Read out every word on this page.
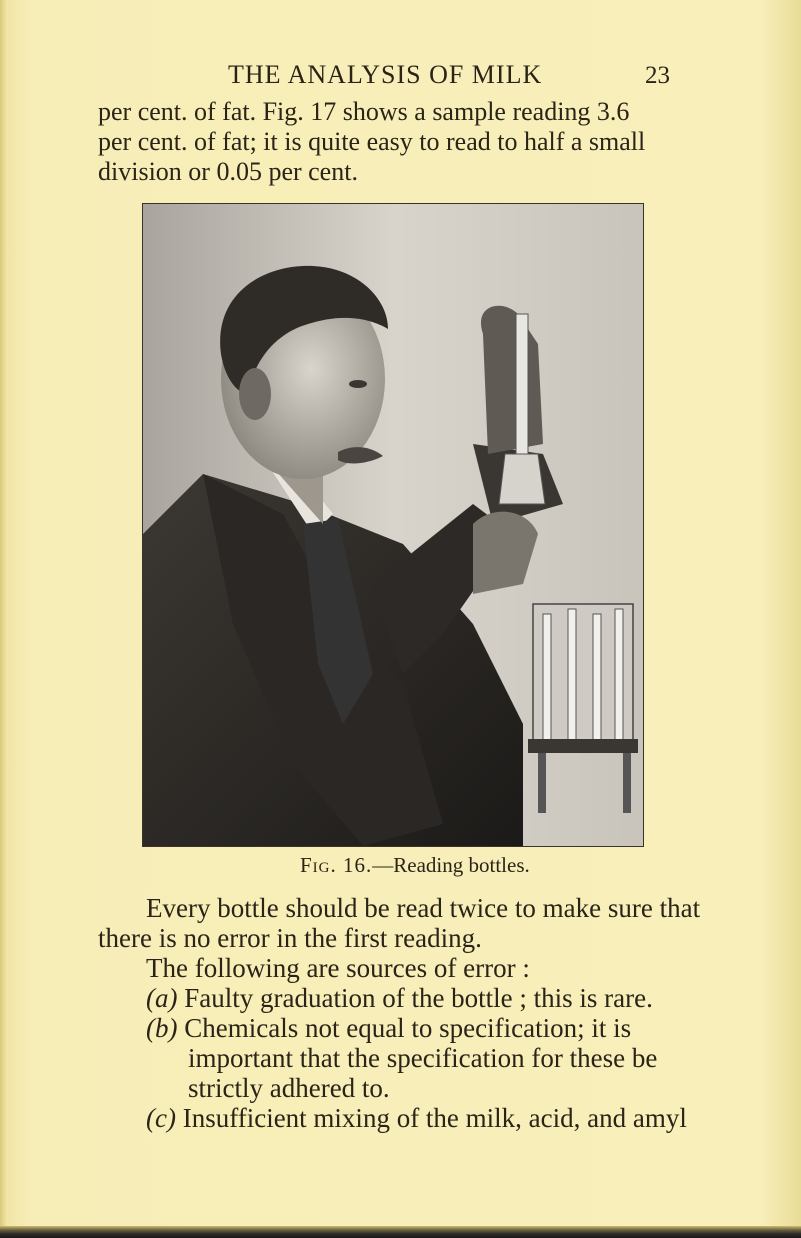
THE ANALYSIS OF MILK	23
per cent. of fat. Fig. 17 shows a sample reading 3.6
per cent. of fat; it is quite easy to read to half a small
division or 0.05 per cent.
Fig. 16.—Reading bottles.
Every bottle should be read twice to make sure that
there is no error in the first reading.
The following are sources of error :
(a) Faulty graduation of the bottle ; this is rare.
(b) Chemicals not equal to specification; it is
important that the specification for these be
strictly adhered to.
(c) Insufficient mixing of the milk, acid, and amyl
